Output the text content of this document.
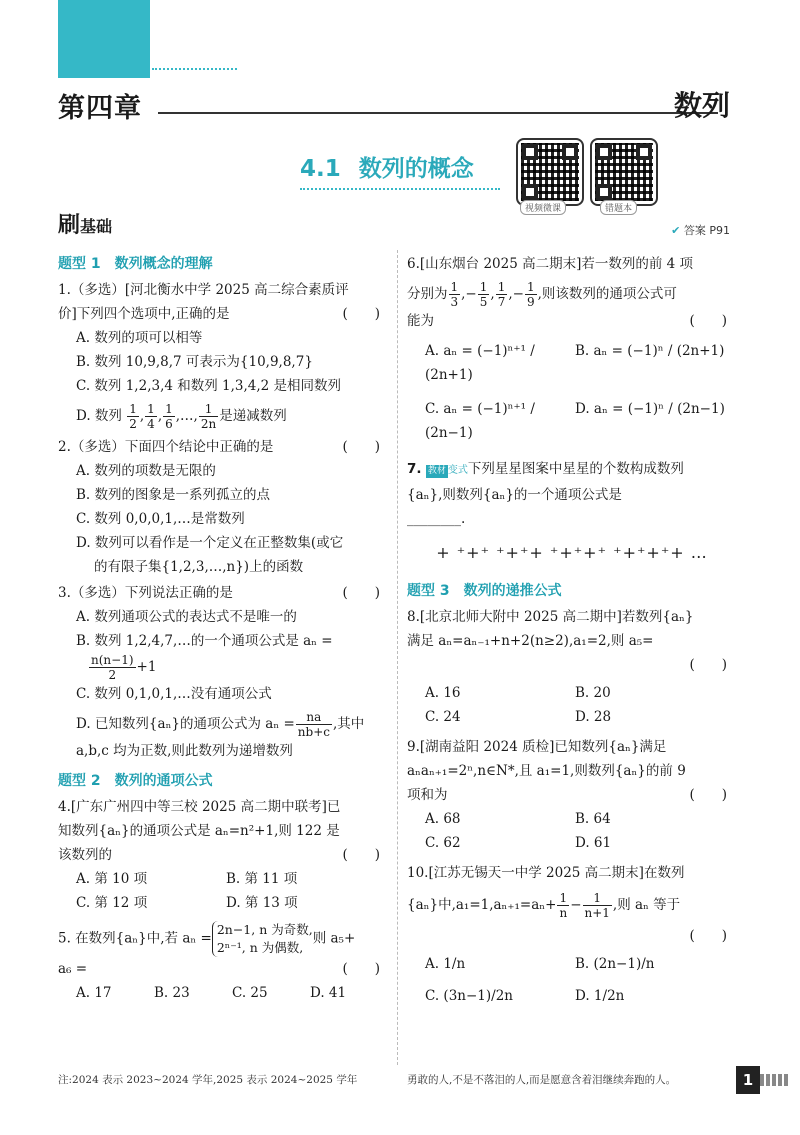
第四章	数列
4.1 数列的概念
视频微课	错题本
刷基础	✔ 答案 P91
题型 1　数列概念的理解
1.（多选）[河北衡水中学 2025 高二综合素质评
价]下列四个选项中,正确的是	(　　)
A. 数列的项可以相等
B. 数列 10,9,8,7 可表示为{10,9,8,7}
C. 数列 1,2,3,4 和数列 1,3,4,2 是相同数列
D. 数列 $\frac{1}{2}$ , $\frac{1}{4}$ , $\frac{1}{6}$ ,…, $\frac{1}{2n}$ 是递减数列
2.（多选）下面四个结论中正确的是	(　　)
A. 数列的项数是无限的
B. 数列的图象是一系列孤立的点
C. 数列 0,0,0,1,…是常数列
D. 数列可以看作是一个定义在正整数集(或它
的有限子集{1,2,3,…,n})上的函数
3.（多选）下列说法正确的是	(　　)
A. 数列通项公式的表达式不是唯一的
B. 数列 1,2,4,7,…的一个通项公式是 aₙ =
$\frac{n(n-1)}{2} +1$
C. 数列 0,1,0,1,…没有通项公式
D. 已知数列{aₙ}的通项公式为 $a_n = \frac{na}{nb+c}$ ,其中
a,b,c 均为正数,则此数列为递增数列
题型 2　数列的通项公式
4.[广东广州四中等三校 2025 高二期中联考]已
知数列{aₙ}的通项公式是 aₙ=n²+1,则 122 是
该数列的	(　　)
A. 第 10 项	B. 第 11 项
C. 第 12 项	D. 第 13 项
5. 在数列{aₙ}中,若 aₙ =
2n−1, n 为奇数,
2ⁿ⁻¹, n 为偶数,
则 a₅+
a₆ =	(　　)
A. 17	B. 23	C. 25	D. 41
6.[山东烟台 2025 高二期末]若一数列的前 4 项
分别为 $\frac{1}{3}$ ,− $\frac{1}{5}$ , $\frac{1}{7}$ ,− $\frac{1}{9}$ ,则该数列的通项公式可
能为	(　　)
A. aₙ = (−1)ⁿ⁺¹ / (2n+1)
B. aₙ = (−1)ⁿ / (2n+1)
C. aₙ = (−1)ⁿ⁺¹ / (2n−1)
D. aₙ = (−1)ⁿ / (2n−1)
7. 教材 变式下列星星图案中星星的个数构成数列
{aₙ},则数列{aₙ}的一个通项公式是
________.
+ ⁺+⁺ ⁺+⁺+ ⁺+⁺+⁺ ⁺+⁺+⁺+ …
题型 3　数列的递推公式
8.[北京北师大附中 2025 高二期中]若数列{aₙ}
满足 aₙ=aₙ₋₁+n+2(n≥2),a₁=2,则 a₅=
(　　)

A. 16	B. 20
C. 24	D. 28
9.[湖南益阳 2024 质检]已知数列{aₙ}满足
aₙaₙ₊₁=2ⁿ,n∈N*,且 a₁=1,则数列{aₙ}的前 9
项和为	(　　)
A. 68	B. 64
C. 62	D. 61
10.[江苏无锡天一中学 2025 高二期末]在数列
{aₙ}中$,a_1=1,a_{n+1}=a_n+ \frac{1}{n} - \frac{1}{n+1}$ ,则 aₙ 等于
(　　)

A. 1/n	B. (2n−1)/n
C. (3n−1)/2n	D. 1/2n
注:2024 表示 2023~2024 学年,2025 表示 2024~2025 学年	勇敢的人,不是不落泪的人,而是愿意含着泪继续奔跑的人。	1
